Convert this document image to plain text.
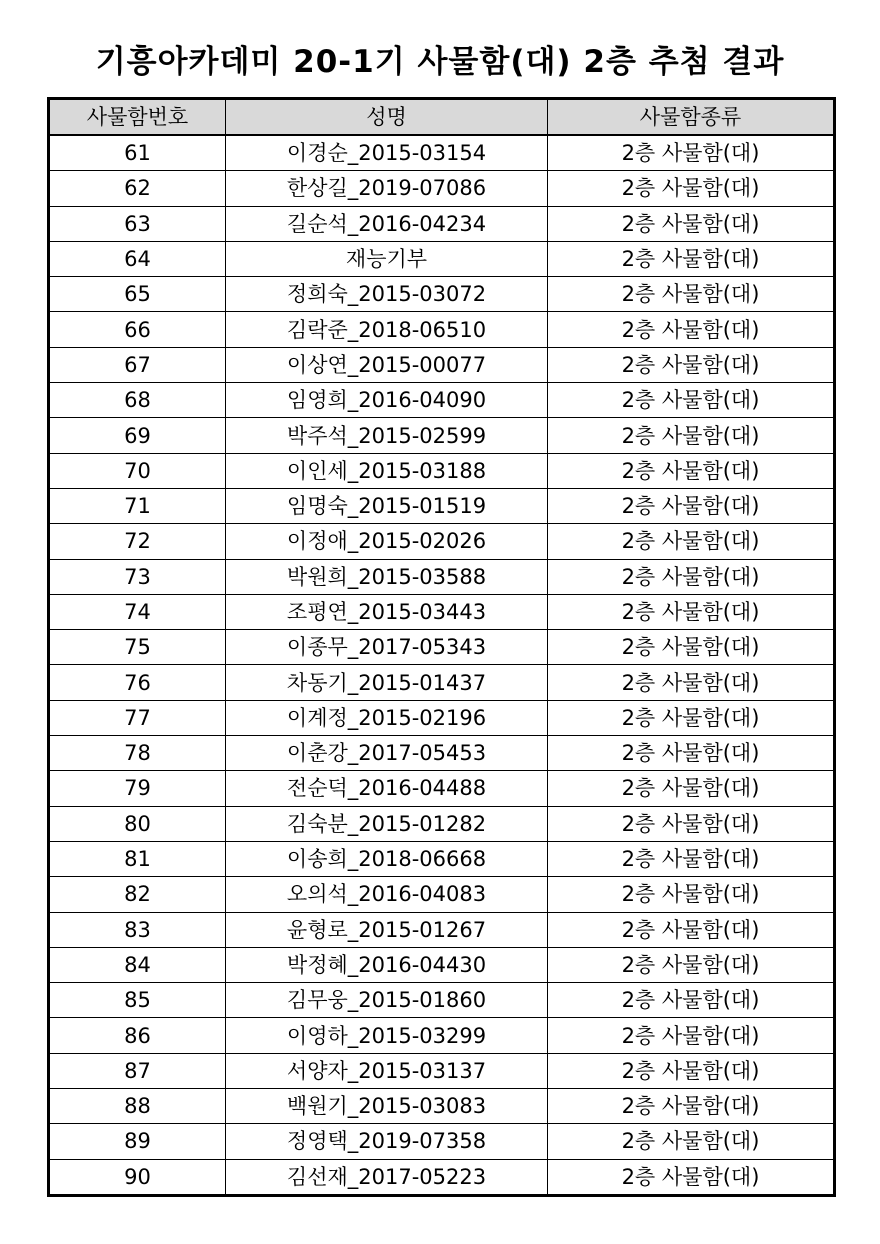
기흥아카데미 20-1기 사물함(대) 2층 추첨 결과
사물함번호	성명	사물함종류
61	이경순_2015-03154	2층 사물함(대)
62	한상길_2019-07086	2층 사물함(대)
63	길순석_2016-04234	2층 사물함(대)
64	재능기부	2층 사물함(대)
65	정희숙_2015-03072	2층 사물함(대)
66	김락준_2018-06510	2층 사물함(대)
67	이상연_2015-00077	2층 사물함(대)
68	임영희_2016-04090	2층 사물함(대)
69	박주석_2015-02599	2층 사물함(대)
70	이인세_2015-03188	2층 사물함(대)
71	임명숙_2015-01519	2층 사물함(대)
72	이정애_2015-02026	2층 사물함(대)
73	박원희_2015-03588	2층 사물함(대)
74	조평연_2015-03443	2층 사물함(대)
75	이종무_2017-05343	2층 사물함(대)
76	차동기_2015-01437	2층 사물함(대)
77	이계정_2015-02196	2층 사물함(대)
78	이춘강_2017-05453	2층 사물함(대)
79	전순덕_2016-04488	2층 사물함(대)
80	김숙분_2015-01282	2층 사물함(대)
81	이송희_2018-06668	2층 사물함(대)
82	오의석_2016-04083	2층 사물함(대)
83	윤형로_2015-01267	2층 사물함(대)
84	박정혜_2016-04430	2층 사물함(대)
85	김무웅_2015-01860	2층 사물함(대)
86	이영하_2015-03299	2층 사물함(대)
87	서양자_2015-03137	2층 사물함(대)
88	백원기_2015-03083	2층 사물함(대)
89	정영택_2019-07358	2층 사물함(대)
90	김선재_2017-05223	2층 사물함(대)
